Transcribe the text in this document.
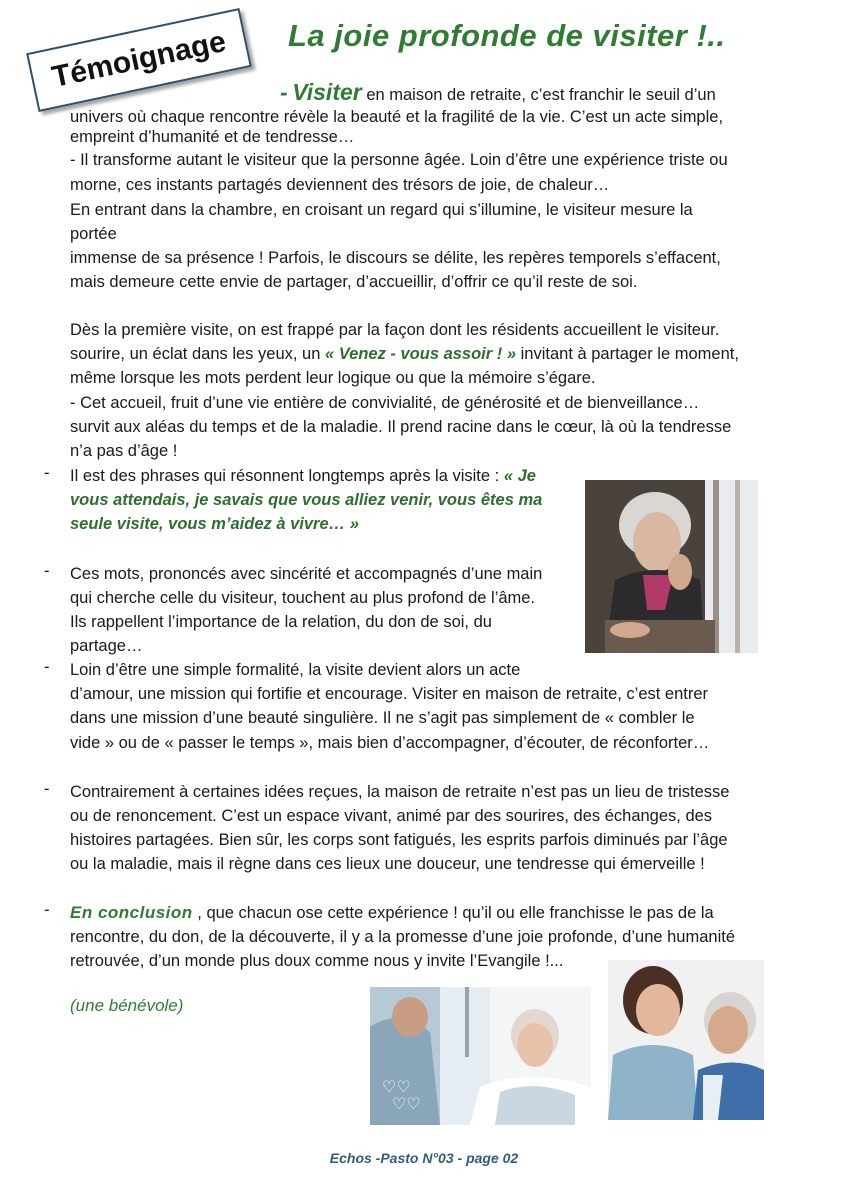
Témoignage La joie profonde de visiter !..
- Visiter en maison de retraite, c’est franchir le seuil d’un
univers où chaque rencontre révèle la beauté et la fragilité de la vie. C’est un acte simple,
empreint d’humanité et de tendresse…
- Il transforme autant le visiteur que la personne âgée. Loin d’être une expérience triste ou
morne, ces instants partagés deviennent des trésors de joie, de chaleur…
En entrant dans la chambre, en croisant un regard qui s’illumine, le visiteur mesure la
portée
immense de sa présence ! Parfois, le discours se délite, les repères temporels s’effacent,
mais demeure cette envie de partager, d’accueillir, d’offrir ce qu’il reste de soi.
Dès la première visite, on est frappé par la façon dont les résidents accueillent le visiteur.
sourire, un éclat dans les yeux, un « Venez - vous assoir ! » invitant à partager le moment,
même lorsque les mots perdent leur logique ou que la mémoire s’égare.
- Cet accueil, fruit d’une vie entière de convivialité, de générosité et de bienveillance…
survit aux aléas du temps et de la maladie. Il prend racine dans le cœur, là où la tendresse
n’a pas d’âge !
- Il est des phrases qui résonnent longtemps après la visite : « Je
vous attendais, je savais que vous alliez venir, vous êtes ma
seule visite, vous m’aidez à vivre… »
- Ces mots, prononcés avec sincérité et accompagnés d’une main
qui cherche celle du visiteur, touchent au plus profond de l’âme.
Ils rappellent l’importance de la relation, du don de soi, du
partage…
- Loin d’être une simple formalité, la visite devient alors un acte
d’amour, une mission qui fortifie et encourage. Visiter en maison de retraite, c’est entrer
dans une mission d’une beauté singulière. Il ne s’agit pas simplement de « combler le
vide » ou de « passer le temps », mais bien d’accompagner, d’écouter, de réconforter…
- Contrairement à certaines idées reçues, la maison de retraite n’est pas un lieu de tristesse
ou de renoncement. C’est un espace vivant, animé par des sourires, des échanges, des
histoires partagées. Bien sûr, les corps sont fatigués, les esprits parfois diminués par l’âge
ou la maladie, mais il règne dans ces lieux une douceur, une tendresse qui émerveille !
- En conclusion , que chacun ose cette expérience ! qu’il ou elle franchisse le pas de la
rencontre, du don, de la découverte, il y a la promesse d’une joie profonde, d’une humanité
retrouvée, d’un monde plus doux comme nous y invite l’Evangile !...
(une bénévole)
♡♡
♡♡
Echos -Pasto N°03 - page 02
